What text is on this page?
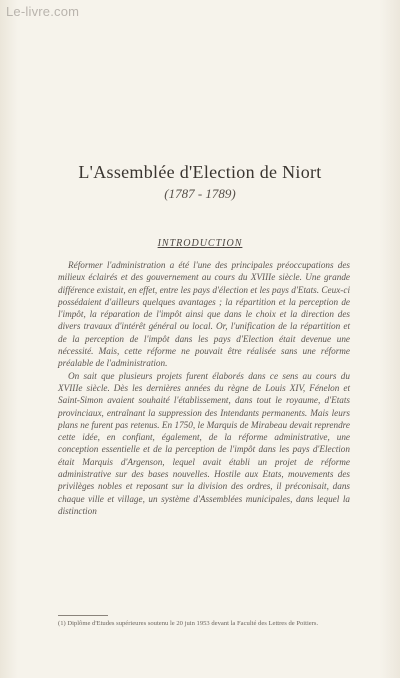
Le-livre.com
L'Assemblée d'Election de Niort
(1787 - 1789)
INTRODUCTION

Réformer l'administration a été l'une des principales préoccupations des milieux éclairés et des gouvernement au cours du XVIIIe siècle. Une grande différence existait, en effet, entre les pays d'élection et les pays d'Etats. Ceux-ci possédaient d'ailleurs quelques avantages ; la répartition et la perception de l'impôt, la réparation de l'impôt ainsi que dans le choix et la direction des divers travaux d'intérêt général ou local. Or, l'unification de la répartition et de la perception de l'impôt dans les pays d'Election était devenue une nécessité. Mais, cette réforme ne pouvait être réalisée sans une réforme préalable de l'administration.

On sait que plusieurs projets furent élaborés dans ce sens au cours du XVIIIe siècle. Dès les dernières années du règne de Louis XIV, Fénelon et Saint-Simon avaient souhaité l'établissement, dans tout le royaume, d'Etats provinciaux, entraînant la suppression des Intendants permanents. Mais leurs plans ne furent pas retenus. En 1750, le Marquis de Mirabeau devait reprendre cette idée, en confiant, également, de la réforme administrative, une conception essentielle et de la perception de l'impôt dans les pays d'Election était Marquis d'Argenson, lequel avait établi un projet de réforme administrative sur des bases nouvelles. Hostile aux Etats, mouvements des privilèges nobles et reposant sur la division des ordres, il préconisait, dans chaque ville et village, un système d'Assemblées municipales, dans lequel la distinction

(1) Diplôme d'Etudes supérieures soutenu le 20 juin 1953 devant la Faculté des Lettres de Poitiers.
